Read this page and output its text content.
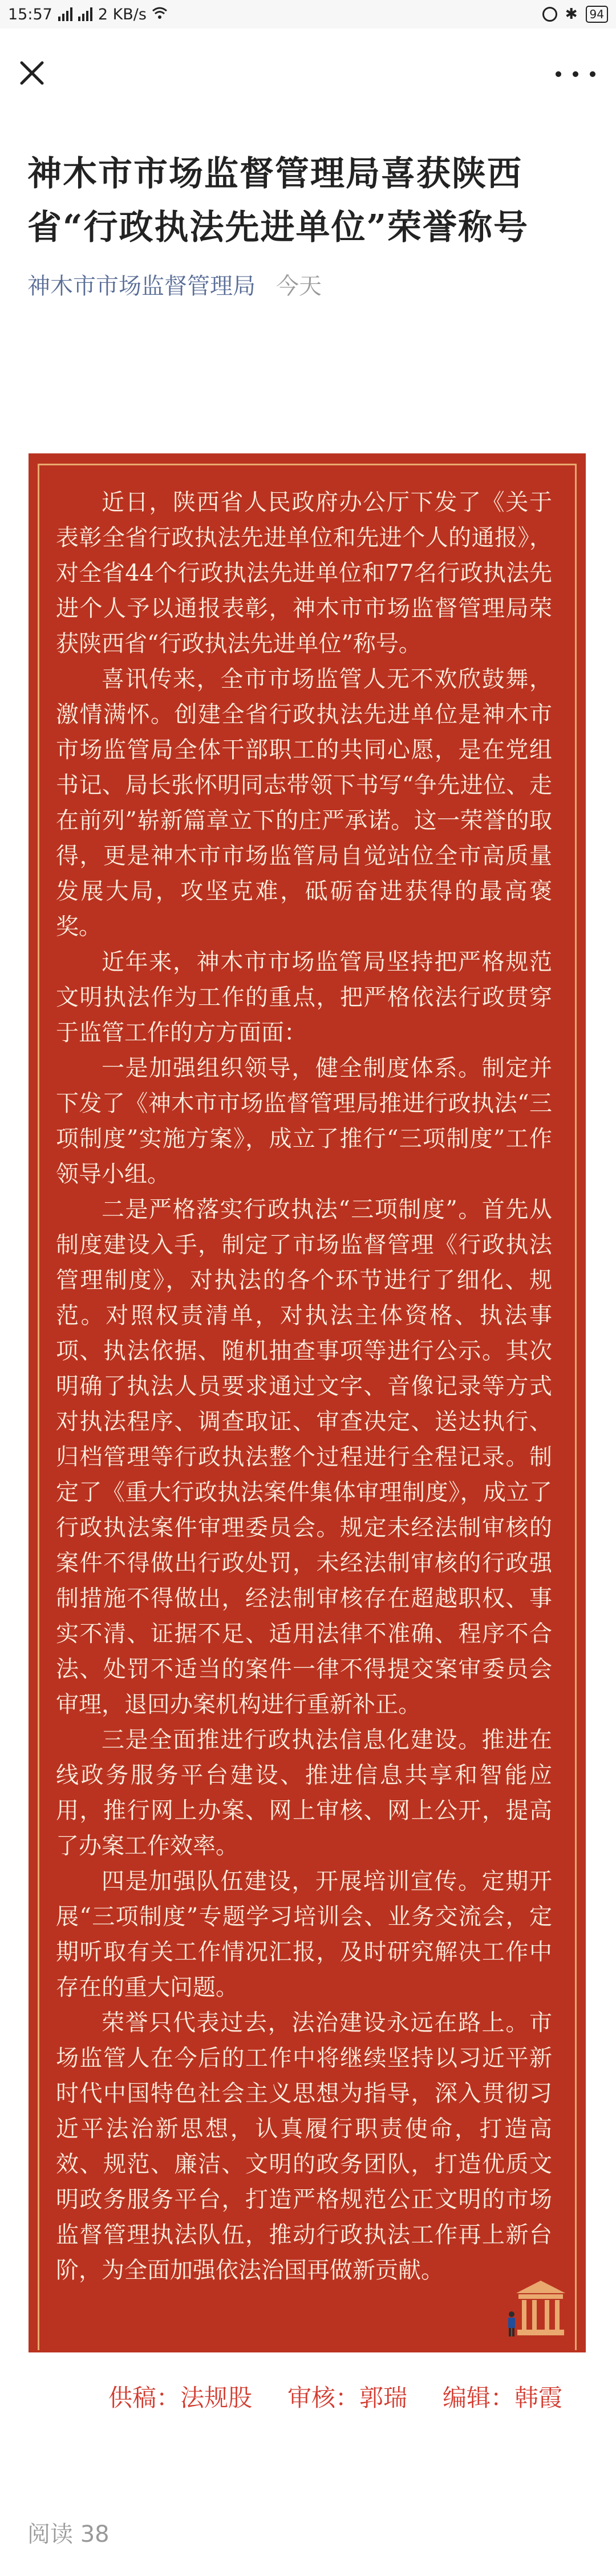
15:57	2 KB/s	✱	94
神木市市场监督管理局喜获陕西省“行政执法先进单位”荣誉称号
神木市市场监督管理局 今天

近日，陕西省人民政府办公厅下发了《关于表彰全省行政执法先进单位和先进个人的通报》，对全省44个行政执法先进单位和77名行政执法先进个人予以通报表彰，神木市市场监督管理局荣获陕西省“行政执法先进单位”称号。

喜讯传来，全市市场监管人无不欢欣鼓舞，激情满怀。创建全省行政执法先进单位是神木市市场监管局全体干部职工的共同心愿，是在党组书记、局长张怀明同志带领下书写“争先进位、走在前列”崭新篇章立下的庄严承诺。这一荣誉的取得，更是神木市市场监管局自觉站位全市高质量发展大局，攻坚克难，砥砺奋进获得的最高褒奖。

近年来，神木市市场监管局坚持把严格规范文明执法作为工作的重点，把严格依法行政贯穿于监管工作的方方面面：

一是加强组织领导，健全制度体系。制定并下发了《神木市市场监督管理局推进行政执法“三项制度”实施方案》，成立了推行“三项制度”工作领导小组。

二是严格落实行政执法“三项制度”。首先从制度建设入手，制定了市场监督管理《行政执法管理制度》，对执法的各个环节进行了细化、规范。对照权责清单，对执法主体资格、执法事项、执法依据、随机抽查事项等进行公示。其次明确了执法人员要求通过文字、音像记录等方式对执法程序、调查取证、审查决定、送达执行、归档管理等行政执法整个过程进行全程记录。制定了《重大行政执法案件集体审理制度》，成立了行政执法案件审理委员会。规定未经法制审核的案件不得做出行政处罚，未经法制审核的行政强制措施不得做出，经法制审核存在超越职权、事实不清、证据不足、适用法律不准确、程序不合法、处罚不适当的案件一律不得提交案审委员会审理，退回办案机构进行重新补正。

三是全面推进行政执法信息化建设。推进在线政务服务平台建设、推进信息共享和智能应用，推行网上办案、网上审核、网上公开，提高了办案工作效率。

四是加强队伍建设，开展培训宣传。定期开展“三项制度”专题学习培训会、业务交流会，定期听取有关工作情况汇报，及时研究解决工作中存在的重大问题。

荣誉只代表过去，法治建设永远在路上。市场监管人在今后的工作中将继续坚持以习近平新时代中国特色社会主义思想为指导，深入贯彻习近平法治新思想，认真履行职责使命，打造高效、规范、廉洁、文明的政务团队，打造优质文明政务服务平台，打造严格规范公正文明的市场监督管理执法队伍，推动行政执法工作再上新台阶，为全面加强依法治国再做新贡献。

供稿：法规股 审核：郭瑞 编辑：韩霞
阅读 38
